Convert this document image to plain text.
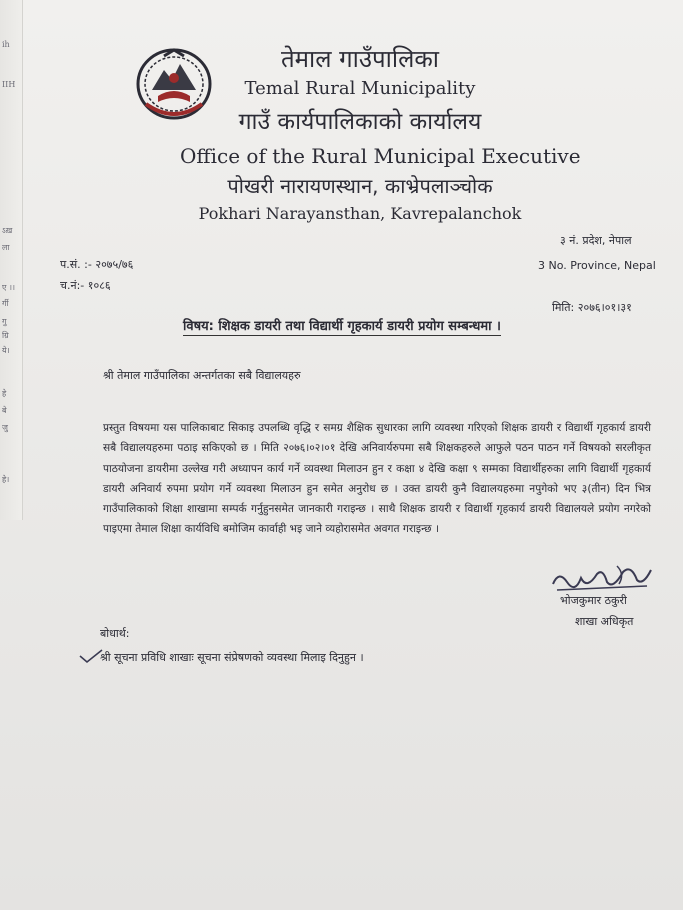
ih
ІІН
ऽख़
ला
ए ।।
र्गी
गु
ग्रि
ये।
हे
बे
जु
हे।
तेमाल गाउँपालिका
Temal Rural Municipality
गाउँ कार्यपालिकाको कार्यालय
Office of the Rural Municipal Executive
पोखरी नारायणस्थान, काभ्रेपलाञ्चोक
Pokhari Narayansthan, Kavrepalanchok
३ नं. प्रदेश, नेपाल
3 No. Province, Nepal
प.सं. :- २०७५/७६
च.नं:- १०८६
मिति: २०७६।०१।३१
विषय: शिक्षक डायरी तथा विद्यार्थी गृहकार्य डायरी प्रयोग सम्बन्धमा ।
श्री तेमाल गाउँपालिका अन्तर्गतका सबै विद्यालयहरु
प्रस्तुत विषयमा यस पालिकाबाट सिकाइ उपलब्धि वृद्धि र समग्र शैक्षिक सुधारका लागि व्यवस्था गरिएको शिक्षक डायरी र विद्यार्थी गृहकार्य डायरी सबै विद्यालयहरुमा पठाइ सकिएको छ । मिति २०७६।०२।०१ देखि अनिवार्यरुपमा सबै शिक्षकहरुले आफुले पठन पाठन गर्ने विषयको सरलीकृत पाठयोजना डायरीमा उल्लेख गरी अध्यापन कार्य गर्ने व्यवस्था मिलाउन हुन र कक्षा ४ देखि कक्षा ९ सम्मका विद्यार्थीहरुका लागि विद्यार्थी गृहकार्य डायरी अनिवार्य रुपमा प्रयोग गर्ने व्यवस्था मिलाउन हुन समेत अनुरोध छ । उक्त डायरी कुनै विद्यालयहरुमा नपुगेको भए ३(तीन) दिन भित्र गाउँपालिकाको शिक्षा शाखामा सम्पर्क गर्नुहुनसमेत जानकारी गराइन्छ । साथै शिक्षक डायरी र विद्यार्थी गृहकार्य डायरी विद्यालयले प्रयोग नगरेको पाइएमा तेमाल शिक्षा कार्यविधि बमोजिम कार्वाही भइ जाने व्यहोरासमेत अवगत गराइन्छ ।
भोजकुमार ठकुरी
शाखा अधिकृत
बोधार्थ:
श्री सूचना प्रविधि शाखाः सूचना संप्रेषणको व्यवस्था मिलाइ दिनुहुन ।
